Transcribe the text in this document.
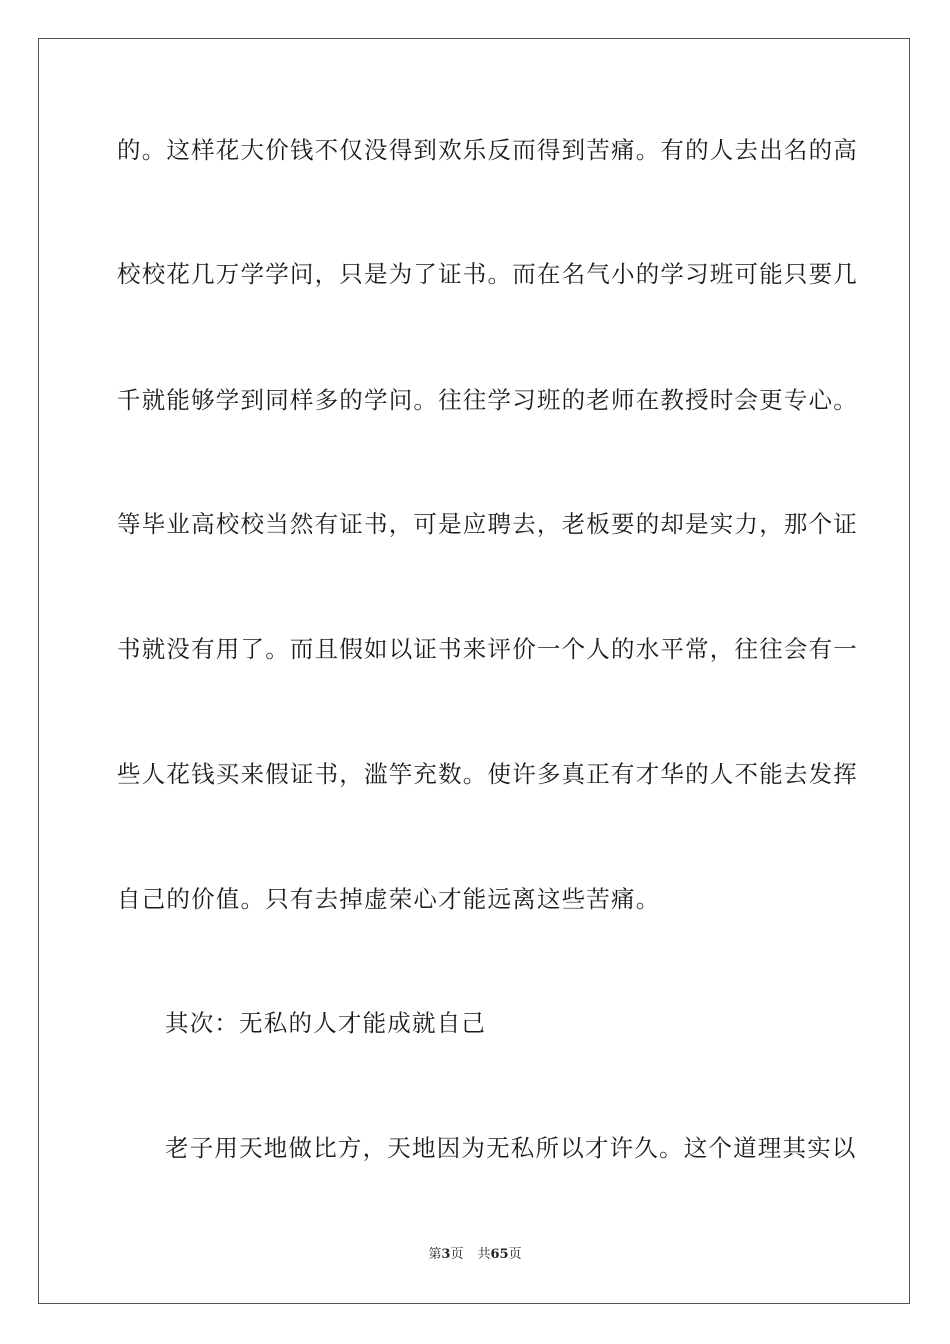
的。这样花大价钱不仅没得到欢乐反而得到苦痛。有的人去出名的高
校校花几万学学问，只是为了证书。而在名气小的学习班可能只要几
千就能够学到同样多的学问。往往学习班的老师在教授时会更专心。
等毕业高校校当然有证书，可是应聘去，老板要的却是实力，那个证
书就没有用了。而且假如以证书来评价一个人的水平常，往往会有一
些人花钱买来假证书，滥竽充数。使许多真正有才华的人不能去发挥
自己的价值。只有去掉虚荣心才能远离这些苦痛。
其次：无私的人才能成就自己
老子用天地做比方，天地因为无私所以才许久。这个道理其实以
第3页 共65页
